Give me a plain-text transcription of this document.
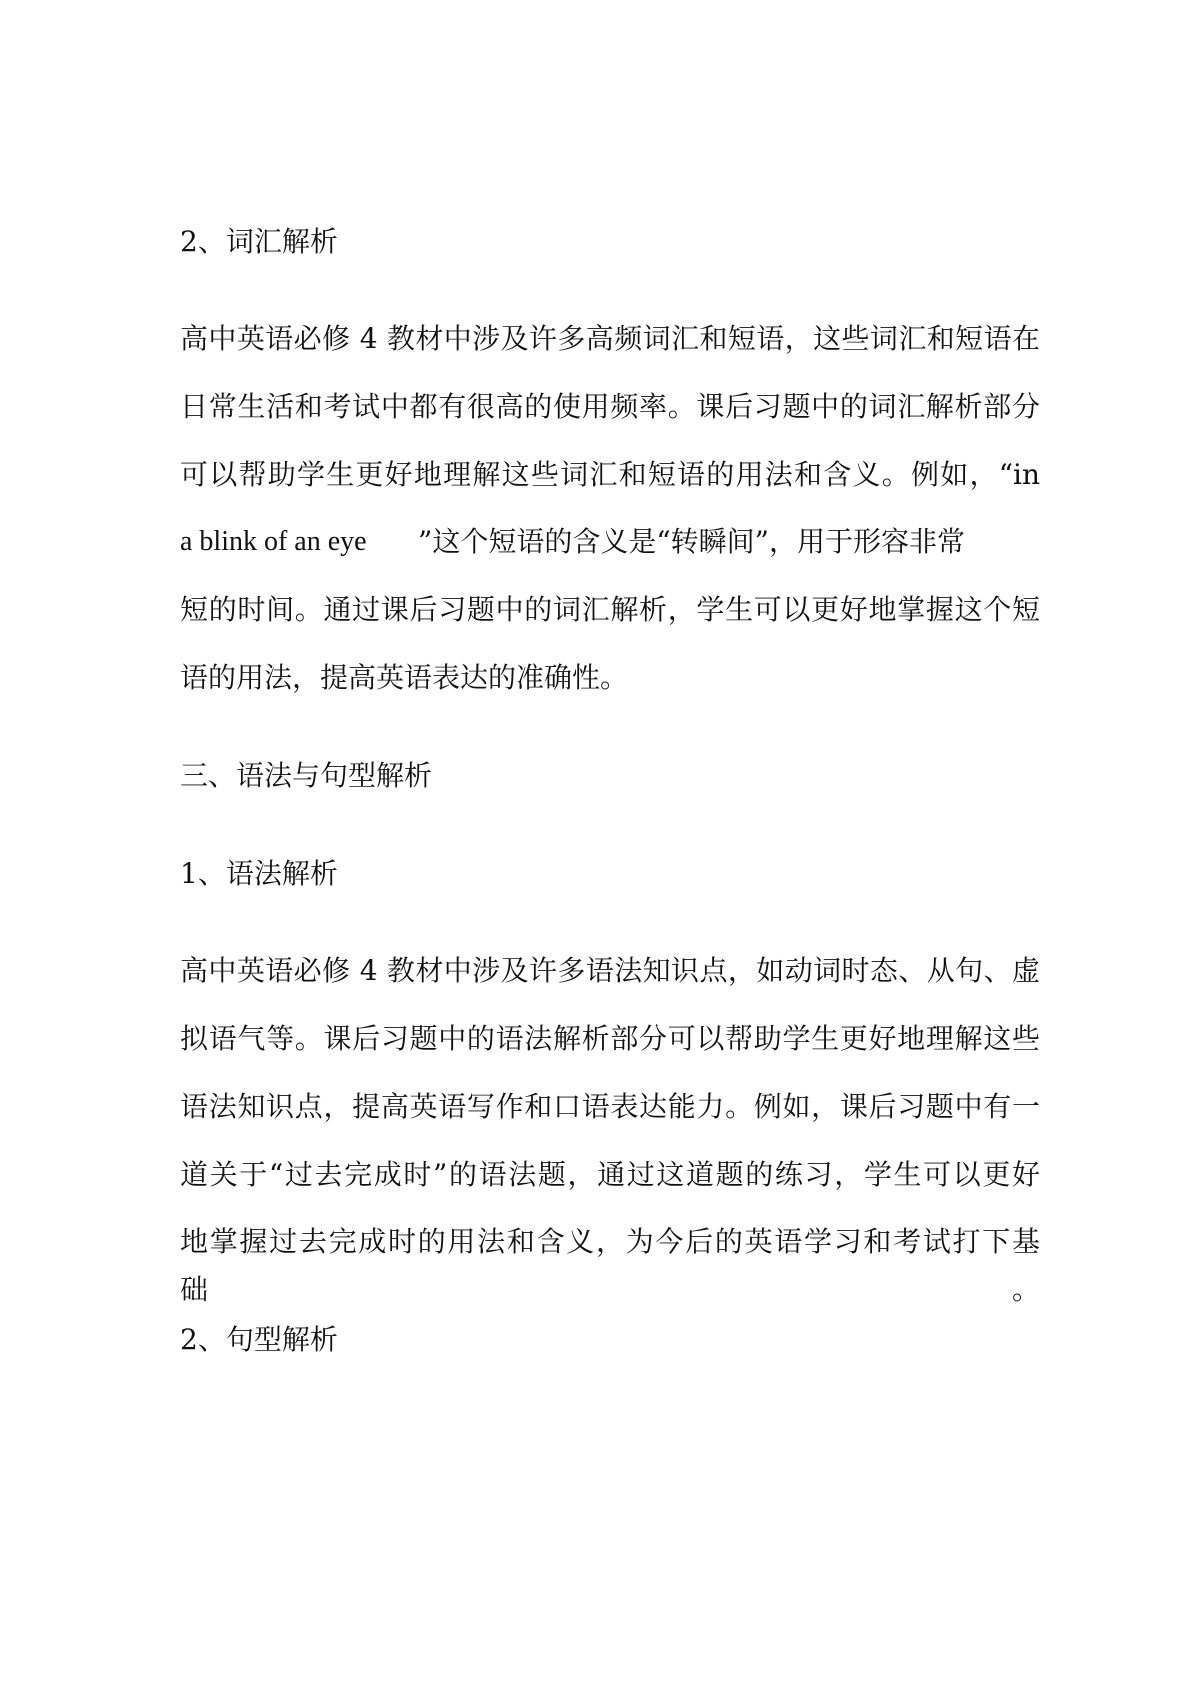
2、词汇解析

高中英语必修 4 教材中涉及许多高频词汇和短语，这些词汇和短语在

日常生活和考试中都有很高的使用频率。课后习题中的词汇解析部分

可以帮助学生更好地理解这些词汇和短语的用法和含义。例如，“in

a blink of an eye ”这个短语的含义是“转瞬间”，用于形容非常

短的时间。通过课后习题中的词汇解析，学生可以更好地掌握这个短

语的用法，提高英语表达的准确性。

三、语法与句型解析

1、语法解析

高中英语必修 4 教材中涉及许多语法知识点，如动词时态、从句、虚

拟语气等。课后习题中的语法解析部分可以帮助学生更好地理解这些

语法知识点，提高英语写作和口语表达能力。例如，课后习题中有一

道关于“过去完成时”的语法题，通过这道题的练习，学生可以更好

地掌握过去完成时的用法和含义，为今后的英语学习和考试打下基础。

2、句型解析
